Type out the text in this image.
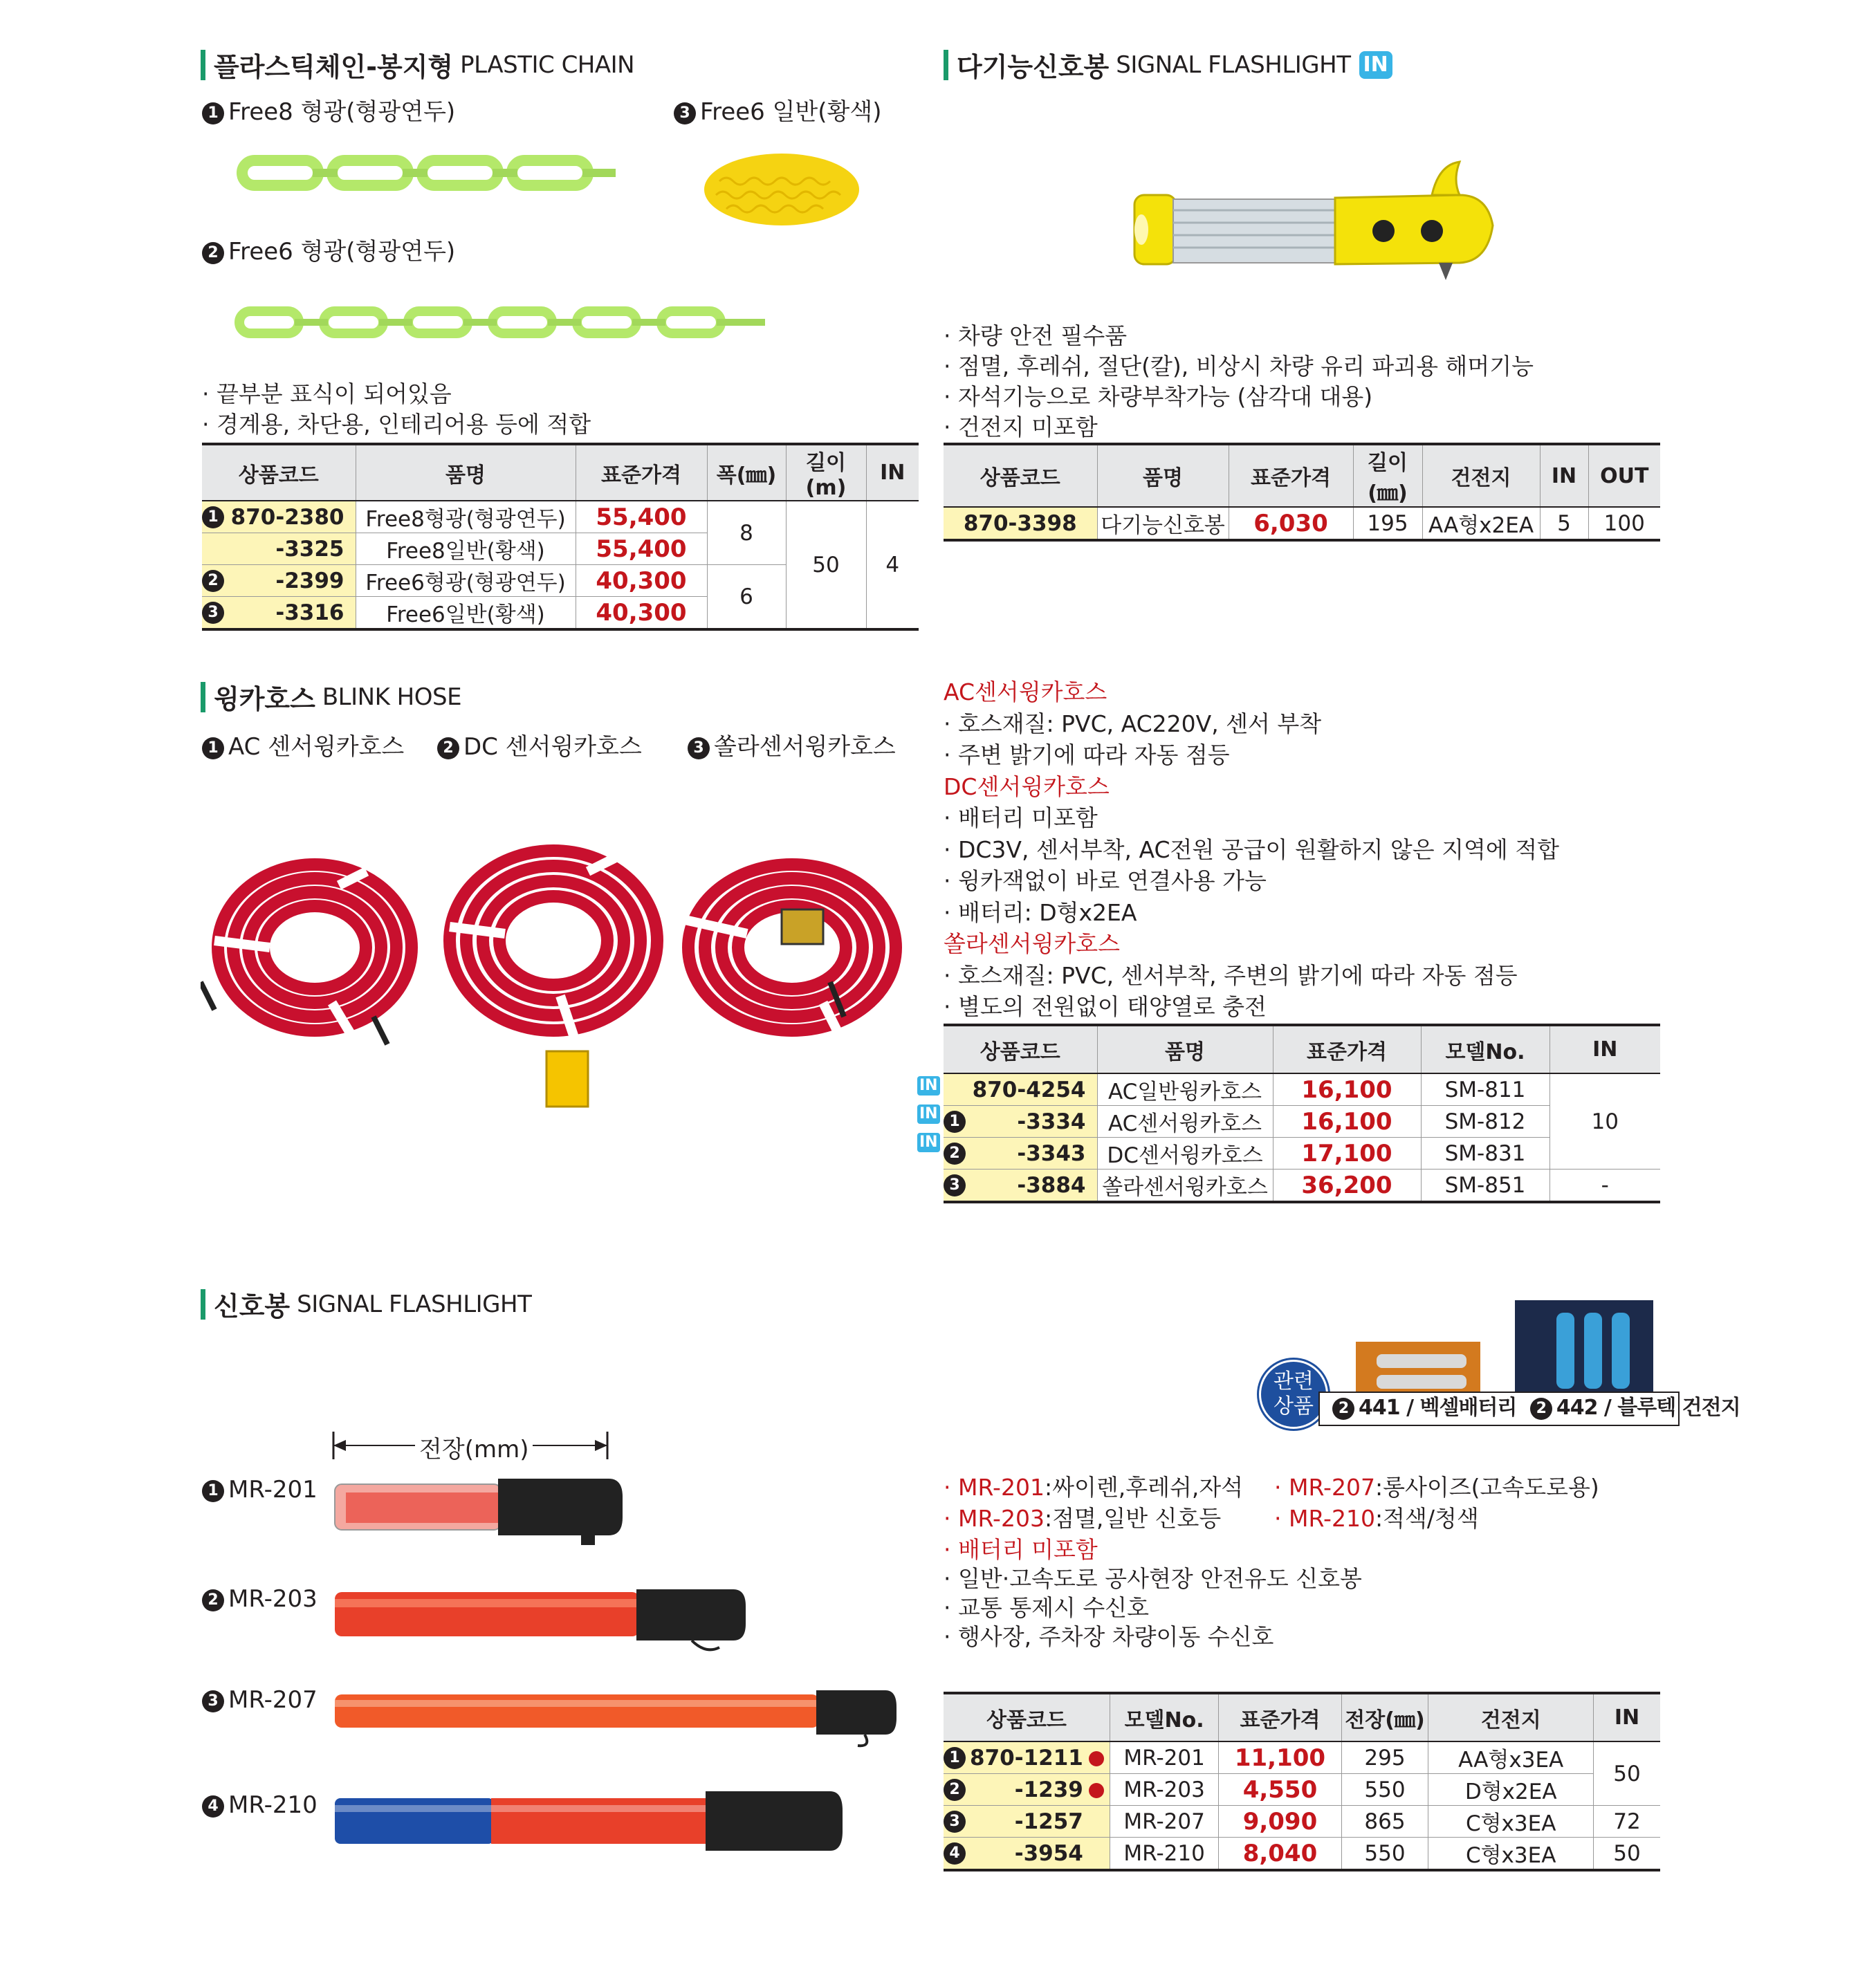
플라스틱체인-봉지형 PLASTIC CHAIN
1 Free8 형광(형광연두)	3 Free6 일반(황색)
2 Free6 형광(형광연두)
· 끝부분 표식이 되어있음
· 경계용, 차단용, 인테리어용 등에 적합
상품코드	품명	표준가격	폭(㎜)	길이(m)	IN

1 870-2380	Free8형광(형광연두)	55,400	8	50	4
-3325	Free8일반(황색)	55,400			

2 -2399	Free6형광(형광연두)	40,300	6		

3 -3316	Free6일반(황색)	40,300			
다기능신호봉 SIGNAL FLASHLIGHT IN
· 차량 안전 필수품
· 점멸, 후레쉬, 절단(칼), 비상시 차량 유리 파괴용 해머기능
· 자석기능으로 차량부착가능 (삼각대 대용)
· 건전지 미포함
상품코드	품명	표준가격	길이(㎜)	건전지	IN	OUT
870-3398	다기능신호봉	6,030	195	AA형x2EA	5	100
윙카호스 BLINK HOSE
1 AC 센서윙카호스	2 DC 센서윙카호스	3 쏠라센서윙카호스
AC센서윙카호스
· 호스재질: PVC, AC220V, 센서 부착
· 주변 밝기에 따라 자동 점등
DC센서윙카호스
· 배터리 미포함
· DC3V, 센서부착, AC전원 공급이 원활하지 않은 지역에 적합
· 윙카잭없이 바로 연결사용 가능
· 배터리: D형x2EA
쏠라센서윙카호스
· 호스재질: PVC, 센서부착, 주변의 밝기에 따라 자동 점등
· 별도의 전원없이 태양열로 충전
상품코드	품명	표준가격	모델No.	IN
870-4254	AC일반윙카호스	16,100	SM-811	10

1 -3334	AC센서윙카호스	16,100	SM-812	

2 -3343	DC센서윙카호스	17,100	SM-831	

3 -3884	쏠라센서윙카호스	36,200	SM-851	-
IN
IN
IN
신호봉 SIGNAL FLASHLIGHT
전장(mm)
1 MR-201
2 MR-203
3 MR-207
4 MR-210
관련
상품	2 441 / 벡셀배터리 2 442 / 블루텍 건전지
· MR-201:싸이렌,후레쉬,자석 · MR-207:롱사이즈(고속도로용)
· MR-203:점멸,일반 신호등 · MR-210:적색/청색
· 배터리 미포함
· 일반·고속도로 공사현장 안전유도 신호봉
· 교통 통제시 수신호
· 행사장, 주차장 차량이동 수신호
상품코드	모델No.	표준가격	전장(㎜)	건전지	IN

1 870-1211	MR-201	11,100	295	AA형x3EA	50

2 -1239	MR-203	4,550	550	D형x2EA	

3 -1257	MR-207	9,090	865	C형x3EA	72

4 -3954	MR-210	8,040	550	C형x3EA	50
